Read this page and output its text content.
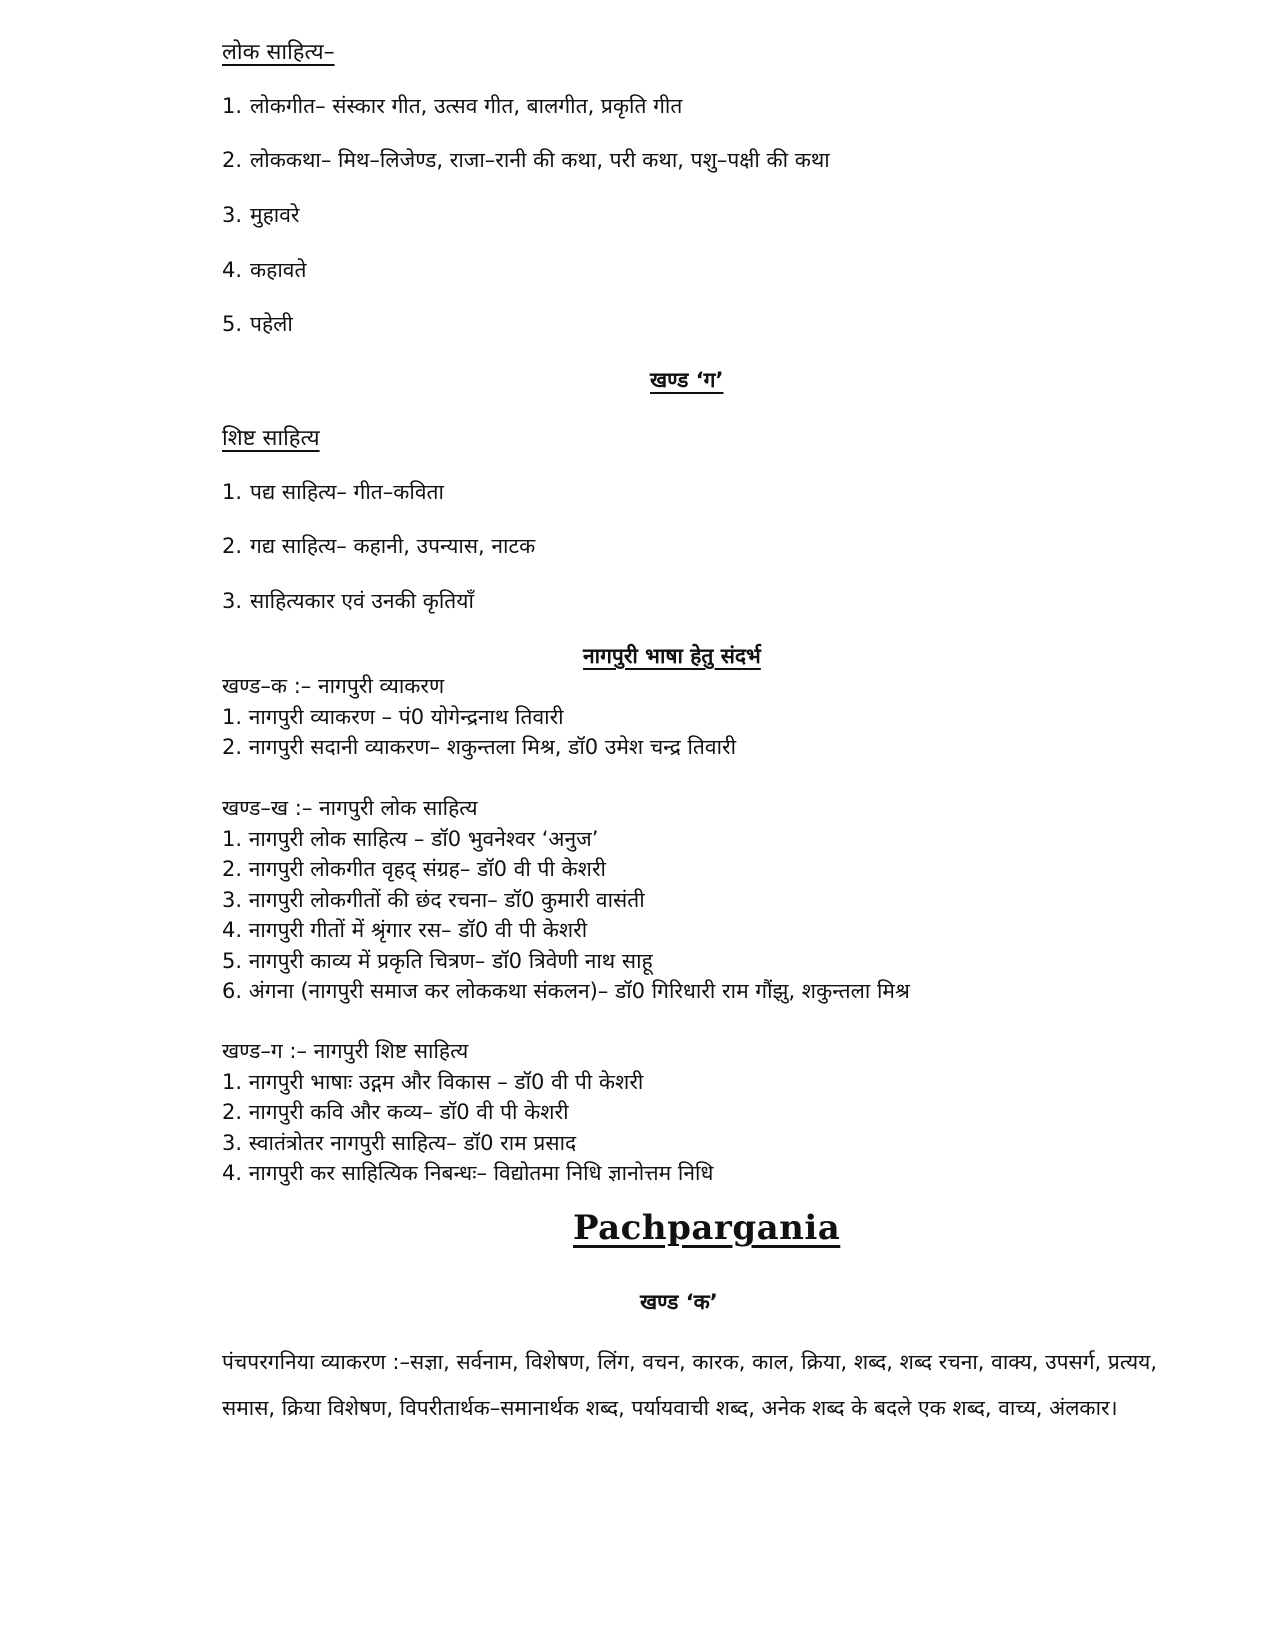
लोक साहित्य–
1. लोकगीत– संस्कार गीत, उत्सव गीत, बालगीत, प्रकृति गीत
2. लोककथा– मिथ–लिजेण्ड, राजा–रानी की कथा, परी कथा, पशु–पक्षी की कथा
3. मुहावरे
4. कहावते
5. पहेली
खण्ड ‘ग’
शिष्ट साहित्य
1. पद्य साहित्य– गीत–कविता
2. गद्य साहित्य– कहानी, उपन्यास, नाटक
3. साहित्यकार एवं उनकी कृतियाँ
नागपुरी भाषा हेतु संदर्भ
खण्ड–क :– नागपुरी व्याकरण
1. नागपुरी व्याकरण – पं0 योगेन्द्रनाथ तिवारी
2. नागपुरी सदानी व्याकरण– शकुन्तला मिश्र, डॉ0 उमेश चन्द्र तिवारी
खण्ड–ख :– नागपुरी लोक साहित्य
1. नागपुरी लोक साहित्य – डॉ0 भुवनेश्वर ‘अनुज’
2. नागपुरी लोकगीत वृहद् संग्रह– डॉ0 वी पी केशरी
3. नागपुरी लोकगीतों की छंद रचना– डॉ0 कुमारी वासंती
4. नागपुरी गीतों में श्रृंगार रस– डॉ0 वी पी केशरी
5. नागपुरी काव्य में प्रकृति चित्रण– डॉ0 त्रिवेणी नाथ साहू
6. अंगना (नागपुरी समाज कर लोककथा संकलन)– डॉ0 गिरिधारी राम गौंझु, शकुन्तला मिश्र
खण्ड–ग :– नागपुरी शिष्ट साहित्य
1. नागपुरी भाषाः उद्गम और विकास – डॉ0 वी पी केशरी
2. नागपुरी कवि और कव्य– डॉ0 वी पी केशरी
3. स्वातंत्रोतर नागपुरी साहित्य– डॉ0 राम प्रसाद
4. नागपुरी कर साहित्यिक निबन्धः– विद्योतमा निधि ज्ञानोत्तम निधि
Pachpargania
खण्ड ‘क’
पंचपरगनिया व्याकरण :–सज्ञा, सर्वनाम, विशेषण, लिंग, वचन, कारक, काल, क्रिया, शब्द, शब्द रचना, वाक्य, उपसर्ग, प्रत्यय, समास, क्रिया विशेषण, विपरीतार्थक–समानार्थक शब्द, पर्यायवाची शब्द, अनेक शब्द के बदले एक शब्द, वाच्य, अंलकार।
